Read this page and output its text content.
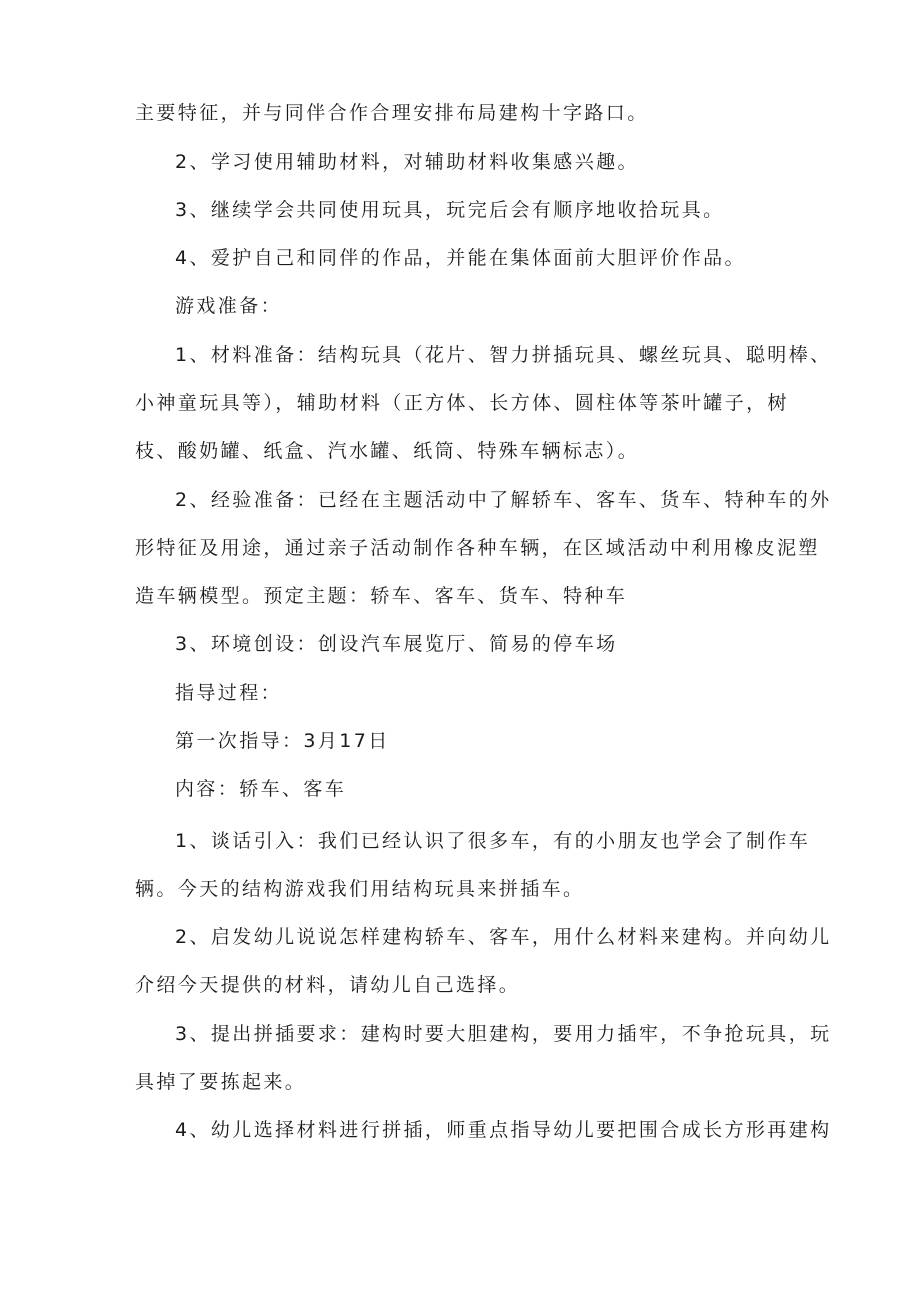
主要特征，并与同伴合作合理安排布局建构十字路口。
2、学习使用辅助材料，对辅助材料收集感兴趣。
3、继续学会共同使用玩具，玩完后会有顺序地收拾玩具。
4、爱护自己和同伴的作品，并能在集体面前大胆评价作品。
游戏准备：
1、材料准备：结构玩具（花片、智力拼插玩具、螺丝玩具、聪明棒、
小神童玩具等），辅助材料（正方体、长方体、圆柱体等茶叶罐子，树
枝、酸奶罐、纸盒、汽水罐、纸筒、特殊车辆标志）。
2、经验准备：已经在主题活动中了解轿车、客车、货车、特种车的外
形特征及用途，通过亲子活动制作各种车辆，在区域活动中利用橡皮泥塑
造车辆模型。预定主题：轿车、客车、货车、特种车
3、环境创设：创设汽车展览厅、简易的停车场
指导过程：
第一次指导：3月17日
内容：轿车、客车
1、谈话引入：我们已经认识了很多车，有的小朋友也学会了制作车
辆。今天的结构游戏我们用结构玩具来拼插车。
2、启发幼儿说说怎样建构轿车、客车，用什么材料来建构。并向幼儿
介绍今天提供的材料，请幼儿自己选择。
3、提出拼插要求：建构时要大胆建构，要用力插牢，不争抢玩具，玩
具掉了要拣起来。
4、幼儿选择材料进行拼插，师重点指导幼儿要把围合成长方形再建构
